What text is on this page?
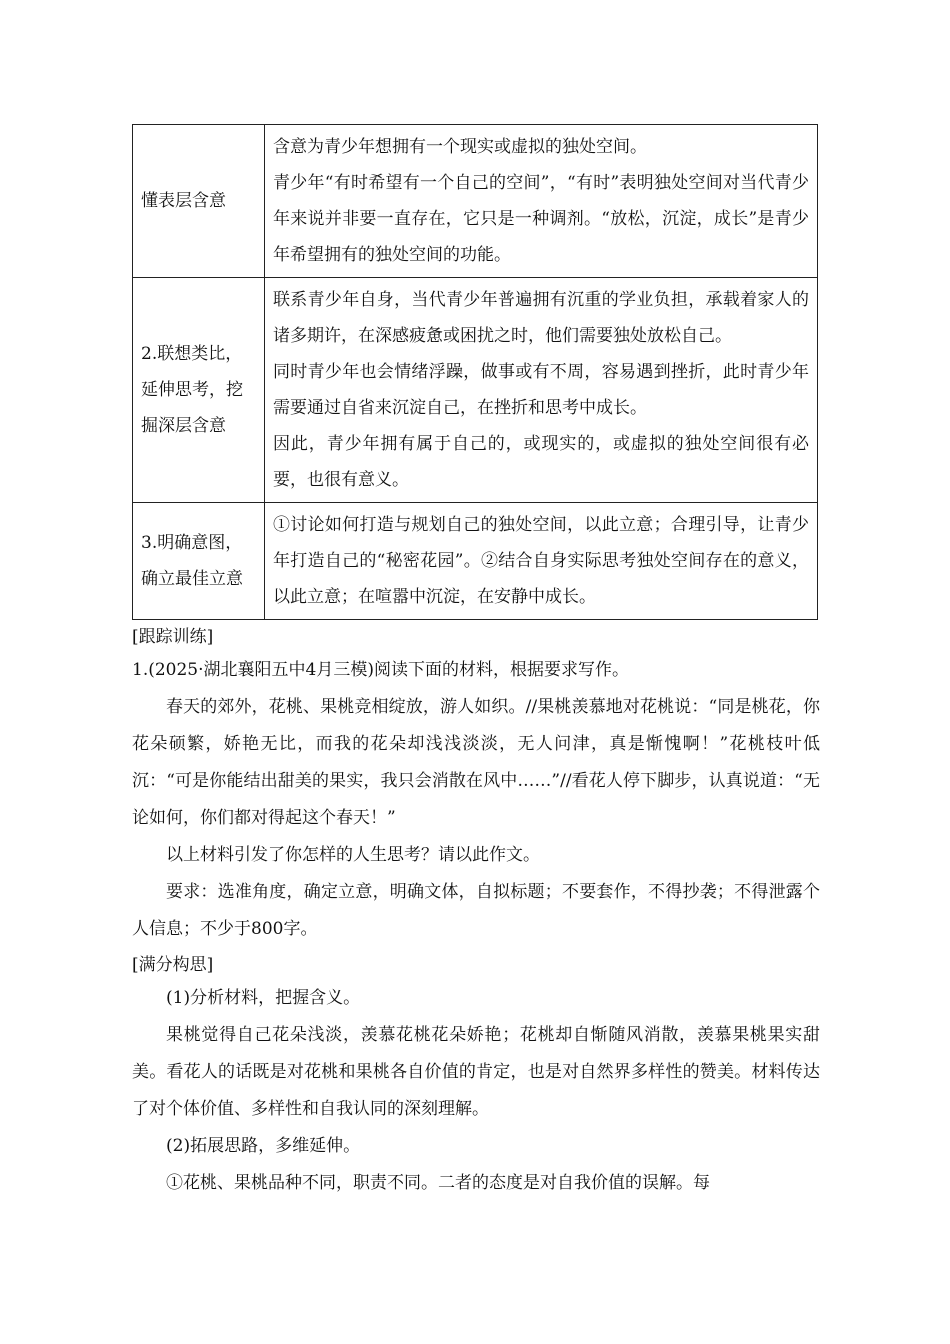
懂表层含意	含意为青少年想拥有一个现实或虚拟的独处空间。
青少年“有时希望有一个自己的空间”，“有时”表明独处空间对当代青少年来说并非要一直存在，它只是一种调剂。“放松，沉淀，成长”是青少年希望拥有的独处空间的功能。

2.联想类比，延伸思考，挖掘深层含意	联系青少年自身，当代青少年普遍拥有沉重的学业负担，承载着家人的诸多期许，在深感疲惫或困扰之时，他们需要独处放松自己。
同时青少年也会情绪浮躁，做事或有不周，容易遇到挫折，此时青少年需要通过自省来沉淀自己，在挫折和思考中成长。
因此，青少年拥有属于自己的，或现实的，或虚拟的独处空间很有必要，也很有意义。

3.明确意图，确立最佳立意	①讨论如何打造与规划自己的独处空间，以此立意；合理引导，让青少年打造自己的“秘密花园”。②结合自身实际思考独处空间存在的意义，以此立意；在喧嚣中沉淀，在安静中成长。

[跟踪训练]

1.(2025·湖北襄阳五中4月三模)阅读下面的材料，根据要求写作。

春天的郊外，花桃、果桃竞相绽放，游人如织。//果桃羡慕地对花桃说：“同是桃花，你花朵硕繁，娇艳无比，而我的花朵却浅浅淡淡，无人问津，真是惭愧啊！”花桃枝叶低沉：“可是你能结出甜美的果实，我只会消散在风中……”//看花人停下脚步，认真说道：“无论如何，你们都对得起这个春天！”

以上材料引发了你怎样的人生思考？请以此作文。

要求：选准角度，确定立意，明确文体，自拟标题；不要套作，不得抄袭；不得泄露个人信息；不少于800字。

[满分构思]

(1)分析材料，把握含义。

果桃觉得自己花朵浅淡，羡慕花桃花朵娇艳；花桃却自惭随风消散，羡慕果桃果实甜美。看花人的话既是对花桃和果桃各自价值的肯定，也是对自然界多样性的赞美。材料传达了对个体价值、多样性和自我认同的深刻理解。

(2)拓展思路，多维延伸。

①花桃、果桃品种不同，职责不同。二者的态度是对自我价值的误解。每
